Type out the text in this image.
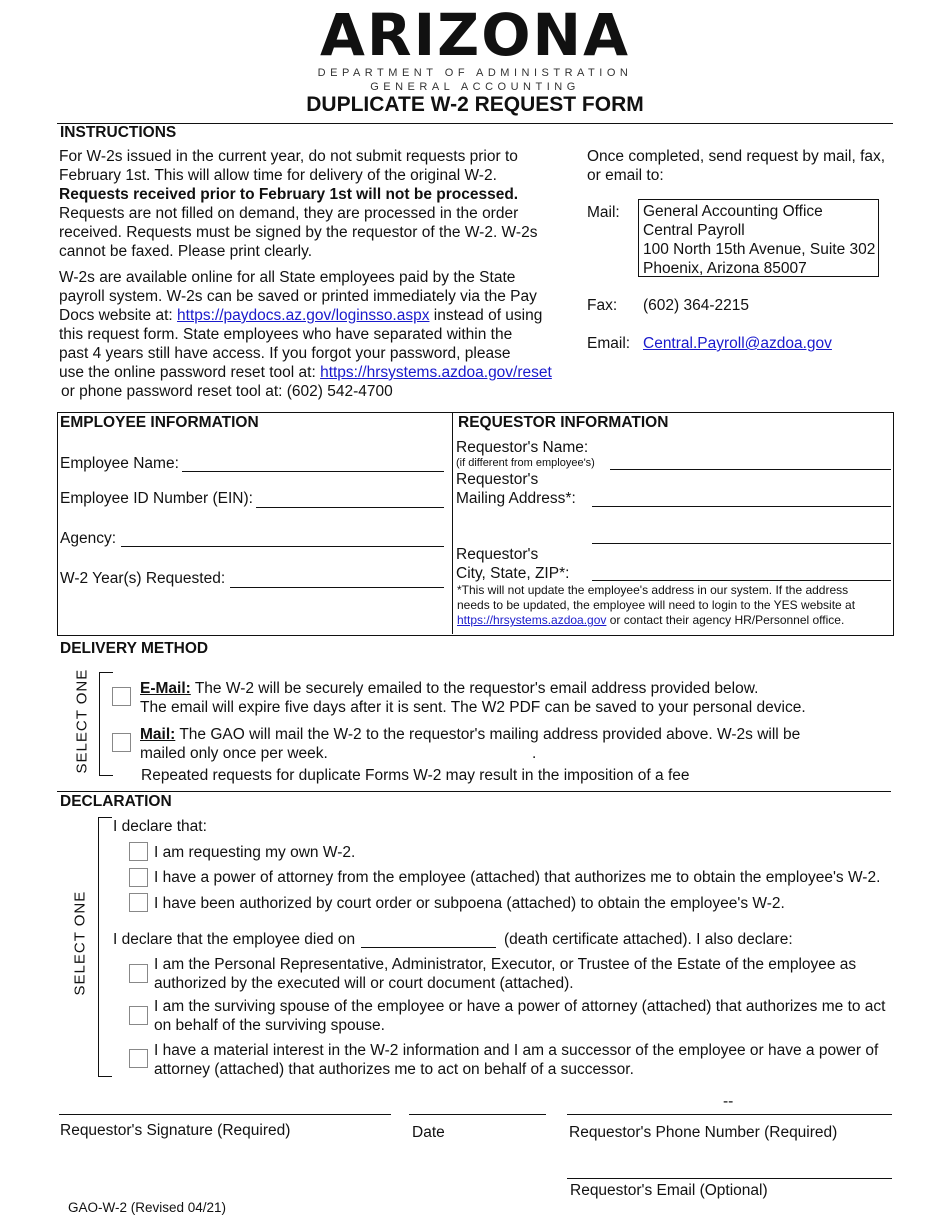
ARIZONA
DEPARTMENT OF ADMINISTRATION
GENERAL ACCOUNTING
DUPLICATE W-2 REQUEST FORM
INSTRUCTIONS
For W-2s issued in the current year, do not submit requests prior to
February 1st. This will allow time for delivery of the original W-2.
Requests received prior to February 1st will not be processed.
Requests are not filled on demand, they are processed in the order
received. Requests must be signed by the requestor of the W-2. W-2s
cannot be faxed. Please print clearly.
W-2s are available online for all State employees paid by the State
payroll system. W-2s can be saved or printed immediately via the Pay
Docs website at: https://paydocs.az.gov/loginsso.aspx instead of using
this request form. State employees who have separated within the
past 4 years still have access. If you forgot your password, please
use the online password reset tool at: https://hrsystems.azdoa.gov/reset
or phone password reset tool at: (602) 542-4700
Once completed, send request by mail, fax,
or email to:
Mail: General Accounting Office
Central Payroll
100 North 15th Avenue, Suite 302
Phoenix, Arizona 85007
Fax: (602) 364-2215
Email: Central.Payroll@azdoa.gov
EMPLOYEE INFORMATION
Employee Name:
Employee ID Number (EIN):
Agency:
W-2 Year(s) Requested:
REQUESTOR INFORMATION
Requestor's Name:
(if different from employee's)
Requestor's
Mailing Address*:
Requestor's
City, State, ZIP*:
*This will not update the employee's address in our system. If the address
needs to be updated, the employee will need to login to the YES website at
https://hrsystems.azdoa.gov or contact their agency HR/Personnel office.
DELIVERY METHOD
SELECT ONE	E-Mail: The W-2 will be securely emailed to the requestor's email address provided below.
The email will expire five days after it is sent. The W2 PDF can be saved to your personal device.
Mail: The GAO will mail the W-2 to the requestor's mailing address provided above. W-2s will be
mailed only once per week.	.
Repeated requests for duplicate Forms W-2 may result in the imposition of a fee
DECLARATION
SELECT ONE
I declare that:
I am requesting my own W-2.
I have a power of attorney from the employee (attached) that authorizes me to obtain the employee's W-2.
I have been authorized by court order or subpoena (attached) to obtain the employee's W-2.
I declare that the employee died on	(death certificate attached). I also declare:
I am the Personal Representative, Administrator, Executor, or Trustee of the Estate of the employee as
authorized by the executed will or court document (attached).
I am the surviving spouse of the employee or have a power of attorney (attached) that authorizes me to act
on behalf of the surviving spouse.
I have a material interest in the W-2 information and I am a successor of the employee or have a power of
attorney (attached) that authorizes me to act on behalf of a successor.
--
Requestor's Signature (Required)	Date	Requestor's Phone Number (Required)
Requestor's Email (Optional)
GAO-W-2 (Revised 04/21)
